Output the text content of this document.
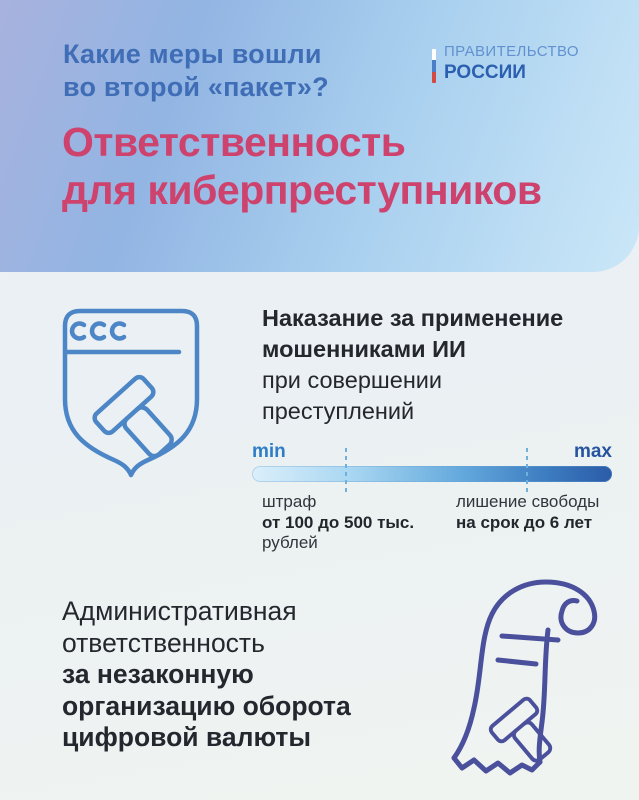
Какие меры вошли
во второй «пакет»?
ПРАВИТЕЛЬСТВО
РОССИИ
Ответственность
для киберпреступников
Наказание за применение
мошенниками ИИ
при совершении
преступлений
min	max
штраф
от 100 до 500 тыс.
рублей
лишение свободы
на срок до 6 лет
Административная
ответственность
за незаконную
организацию оборота
цифровой валюты
